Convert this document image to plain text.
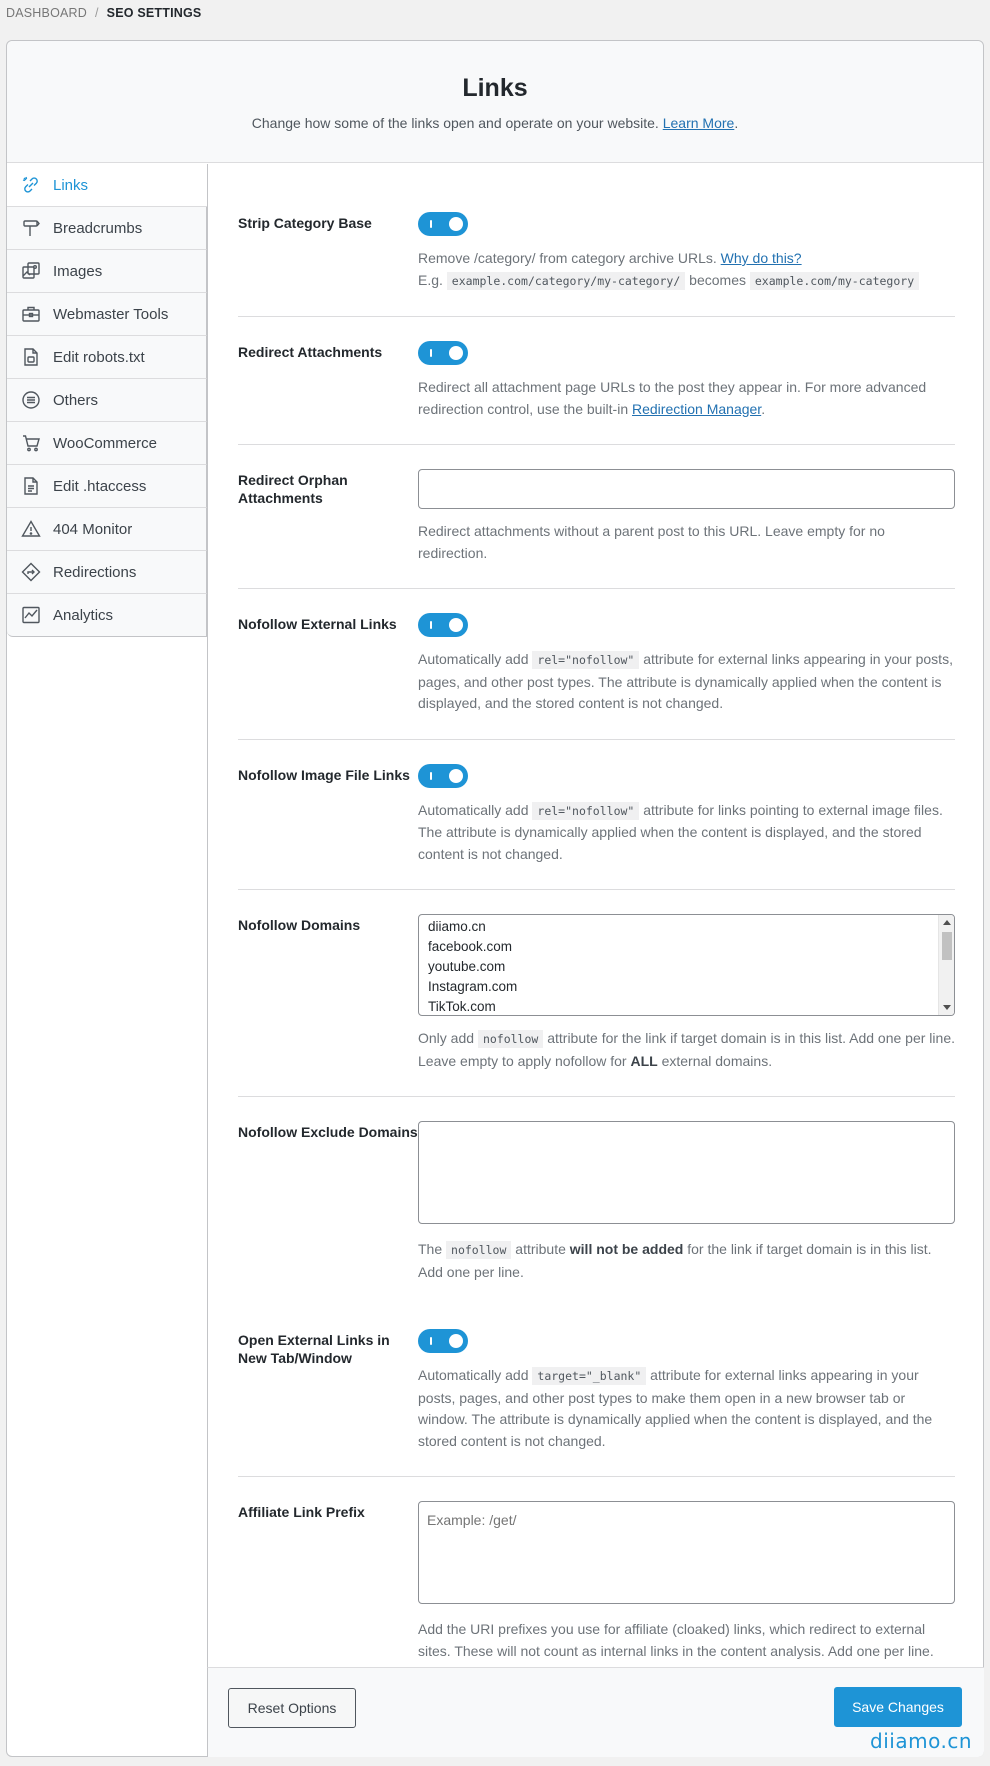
DASHBOARD / SEO SETTINGS
Links

Change how some of the links open and operate on your website. Learn More.

Links
Breadcrumbs
Images
Webmaster Tools
Edit robots.txt
Others
WooCommerce
Edit .htaccess
404 Monitor
Redirections
Analytics
Strip Category Base
Remove /category/ from category archive URLs. Why do this?
E.g. example.com/category/my-category/ becomes example.com/my-category
Redirect Attachments
Redirect all attachment page URLs to the post they appear in. For more advanced redirection control, use the built-in Redirection Manager.
Redirect Orphan Attachments
Redirect attachments without a parent post to this URL. Leave empty for no redirection.
Nofollow External Links
Automatically add rel="nofollow" attribute for external links appearing in your posts, pages, and other post types. The attribute is dynamically applied when the content is displayed, and the stored content is not changed.
Nofollow Image File Links
Automatically add rel="nofollow" attribute for links pointing to external image files. The attribute is dynamically applied when the content is displayed, and the stored content is not changed.
Nofollow Domains	diiamo.cn
facebook.com
youtube.com
Instagram.com
TikTok.com
Only add nofollow attribute for the link if target domain is in this list. Add one per line. Leave empty to apply nofollow for ALL external domains.
Nofollow Exclude Domains
The nofollow attribute will not be added for the link if target domain is in this list. Add one per line.
Open External Links in New Tab/Window
Automatically add target="_blank" attribute for external links appearing in your posts, pages, and other post types to make them open in a new browser tab or window. The attribute is dynamically applied when the content is displayed, and the stored content is not changed.
Affiliate Link Prefix
Example: /get/
Add the URI prefixes you use for affiliate (cloaked) links, which redirect to external sites. These will not count as internal links in the content analysis. Add one per line.
Reset Options	Save Changes
diiamo.cn
